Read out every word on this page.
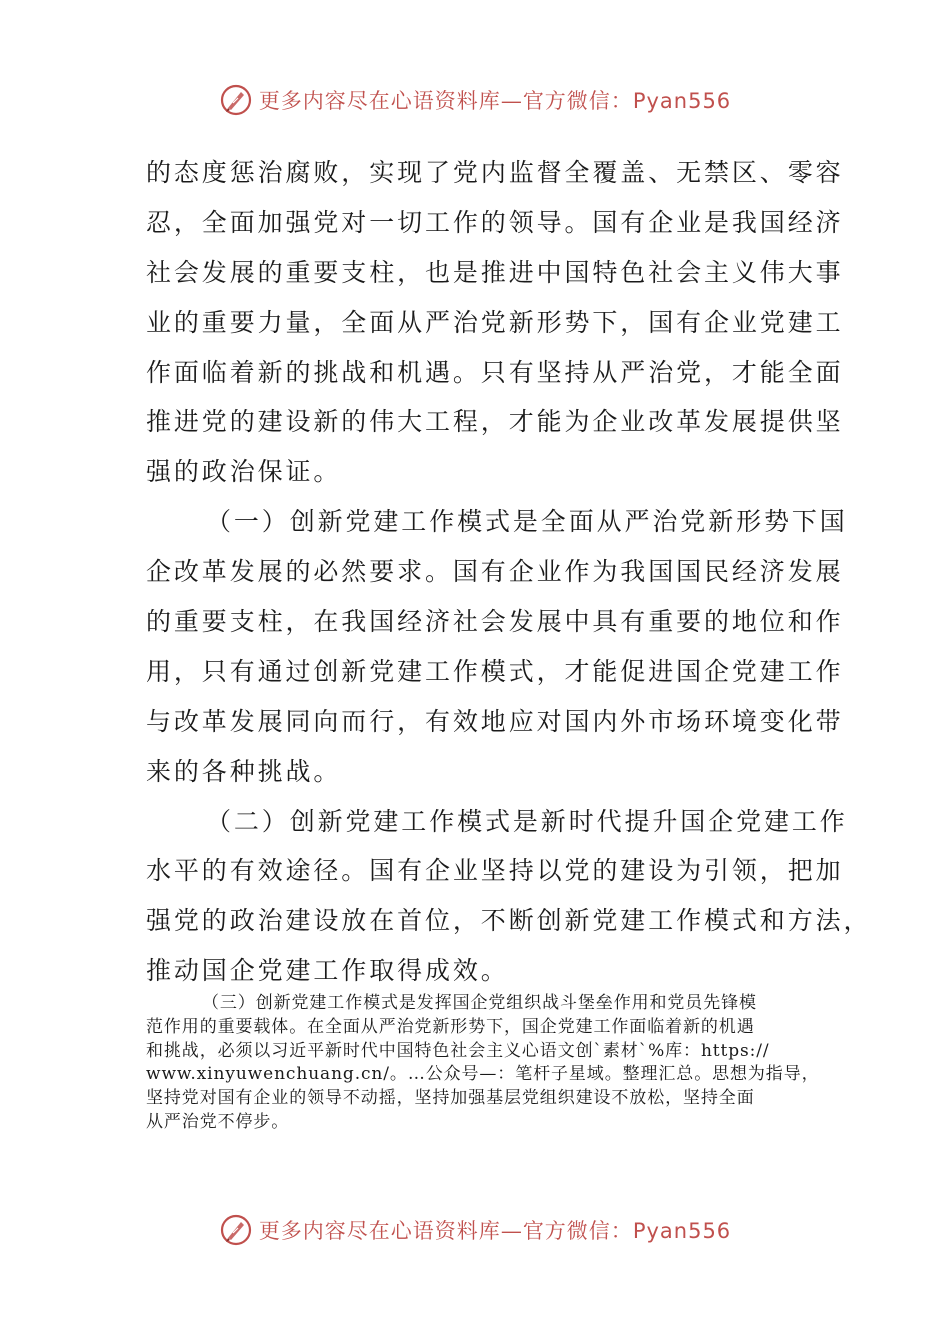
更多内容尽在心语资料库—官方微信：Pyan556
的态度惩治腐败，实现了党内监督全覆盖、无禁区、零容
忍，全面加强党对一切工作的领导。国有企业是我国经济
社会发展的重要支柱，也是推进中国特色社会主义伟大事
业的重要力量，全面从严治党新形势下，国有企业党建工
作面临着新的挑战和机遇。只有坚持从严治党，才能全面
推进党的建设新的伟大工程，才能为企业改革发展提供坚
强的政治保证。
（一）创新党建工作模式是全面从严治党新形势下国
企改革发展的必然要求。国有企业作为我国国民经济发展
的重要支柱，在我国经济社会发展中具有重要的地位和作
用，只有通过创新党建工作模式，才能促进国企党建工作
与改革发展同向而行，有效地应对国内外市场环境变化带
来的各种挑战。
（二）创新党建工作模式是新时代提升国企党建工作
水平的有效途径。国有企业坚持以党的建设为引领，把加
强党的政治建设放在首位，不断创新党建工作模式和方法，
推动国企党建工作取得成效。
（三）创新党建工作模式是发挥国企党组织战斗堡垒作用和党员先锋模
范作用的重要载体。在全面从严治党新形势下，国企党建工作面临着新的机遇
和挑战，必须以习近平新时代中国特色社会主义心语文创`素材`%库：https://
www.xinyuwenchuang.cn/。…公众号—：笔杆子星域。整理汇总。思想为指导，
坚持党对国有企业的领导不动摇，坚持加强基层党组织建设不放松，坚持全面
从严治党不停步。
更多内容尽在心语资料库—官方微信：Pyan556
